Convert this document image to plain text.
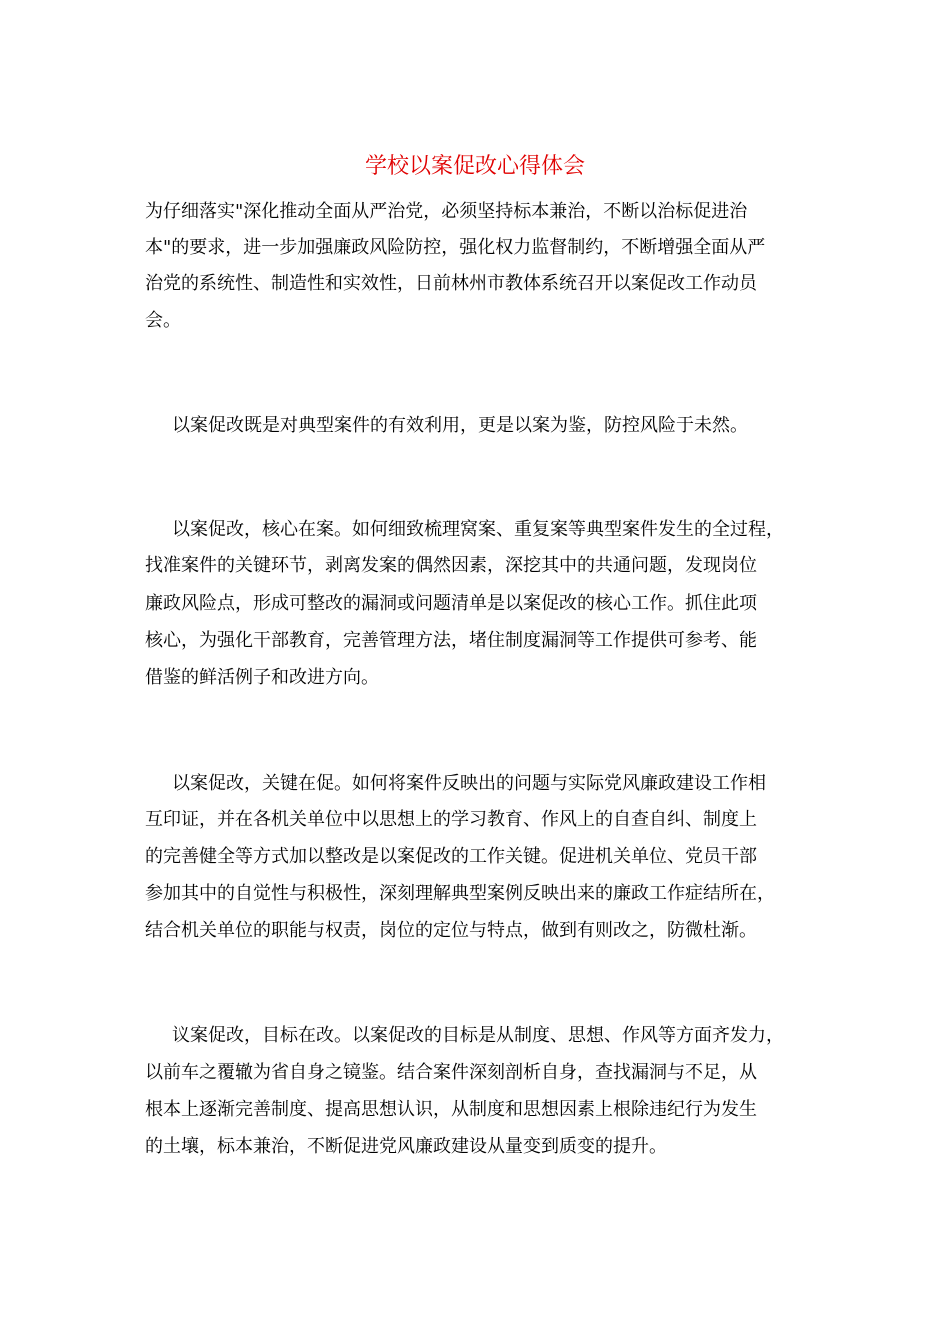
学校以案促改心得体会

为仔细落实"深化推动全面从严治党，必须坚持标本兼治，不断以治标促进治

本"的要求，进一步加强廉政风险防控，强化权力监督制约，不断增强全面从严

治党的系统性、制造性和实效性，日前林州市教体系统召开以案促改工作动员

会。

以案促改既是对典型案件的有效利用，更是以案为鉴，防控风险于未然。

以案促改，核心在案。如何细致梳理窝案、重复案等典型案件发生的全过程，

找准案件的关键环节，剥离发案的偶然因素，深挖其中的共通问题，发现岗位

廉政风险点，形成可整改的漏洞或问题清单是以案促改的核心工作。抓住此项

核心，为强化干部教育，完善管理方法，堵住制度漏洞等工作提供可参考、能

借鉴的鲜活例子和改进方向。

以案促改，关键在促。如何将案件反映出的问题与实际党风廉政建设工作相

互印证，并在各机关单位中以思想上的学习教育、作风上的自查自纠、制度上

的完善健全等方式加以整改是以案促改的工作关键。促进机关单位、党员干部

参加其中的自觉性与积极性，深刻理解典型案例反映出来的廉政工作症结所在，

结合机关单位的职能与权责，岗位的定位与特点，做到有则改之，防微杜渐。

议案促改，目标在改。以案促改的目标是从制度、思想、作风等方面齐发力，

以前车之覆辙为省自身之镜鉴。结合案件深刻剖析自身，查找漏洞与不足，从

根本上逐渐完善制度、提高思想认识，从制度和思想因素上根除违纪行为发生

的土壤，标本兼治，不断促进党风廉政建设从量变到质变的提升。
